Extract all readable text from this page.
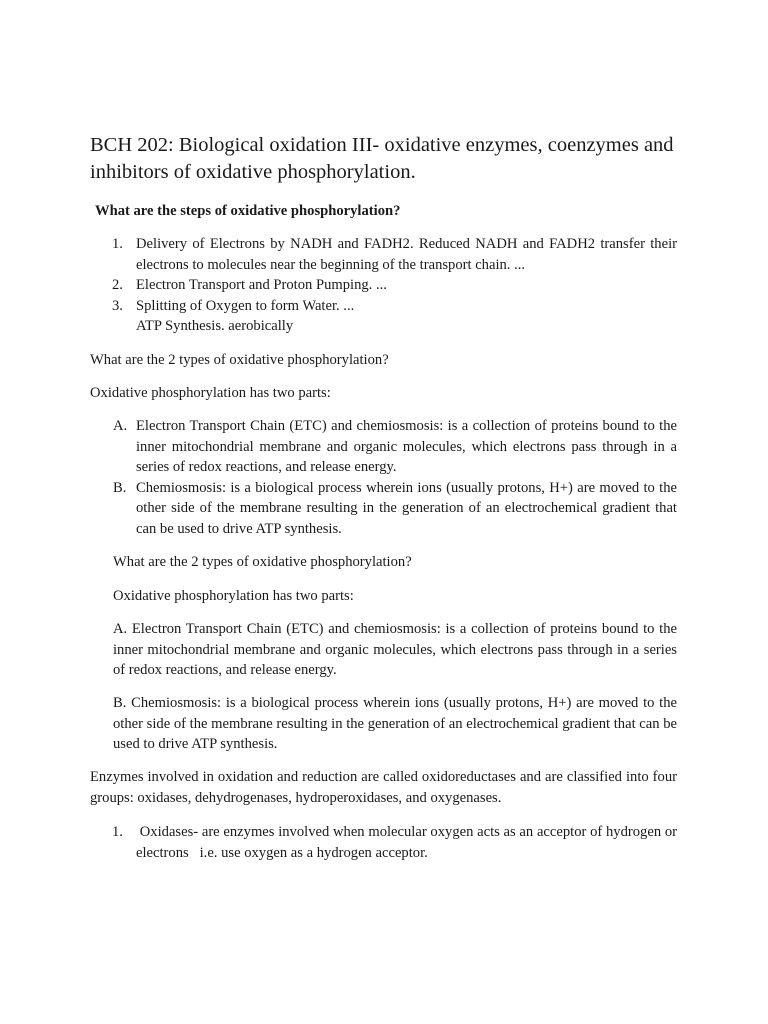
BCH 202: Biological oxidation III- oxidative enzymes, coenzymes and inhibitors of oxidative phosphorylation.

What are the steps of oxidative phosphorylation?

1. Delivery of Electrons by NADH and FADH2. Reduced NADH and FADH2 transfer their electrons to molecules near the beginning of the transport chain. ...
2. Electron Transport and Proton Pumping. ...
3. Splitting of Oxygen to form Water. ...
ATP Synthesis. aerobically

What are the 2 types of oxidative phosphorylation?

Oxidative phosphorylation has two parts:

A. Electron Transport Chain (ETC) and chemiosmosis: is a collection of proteins bound to the inner mitochondrial membrane and organic molecules, which electrons pass through in a series of redox reactions, and release energy.
B. Chemiosmosis: is a biological process wherein ions (usually protons, H+) are moved to the other side of the membrane resulting in the generation of an electrochemical gradient that can be used to drive ATP synthesis.

What are the 2 types of oxidative phosphorylation?

Oxidative phosphorylation has two parts:

A. Electron Transport Chain (ETC) and chemiosmosis: is a collection of proteins bound to the inner mitochondrial membrane and organic molecules, which electrons pass through in a series of redox reactions, and release energy.

B. Chemiosmosis: is a biological process wherein ions (usually protons, H+) are moved to the other side of the membrane resulting in the generation of an electrochemical gradient that can be used to drive ATP synthesis.

Enzymes involved in oxidation and reduction are called oxidoreductases and are classified into four groups: oxidases, dehydrogenases, hydroperoxidases, and oxygenases.

1. Oxidases- are enzymes involved when molecular oxygen acts as an acceptor of hydrogen or electrons   i.e. use oxygen as a hydrogen acceptor.
